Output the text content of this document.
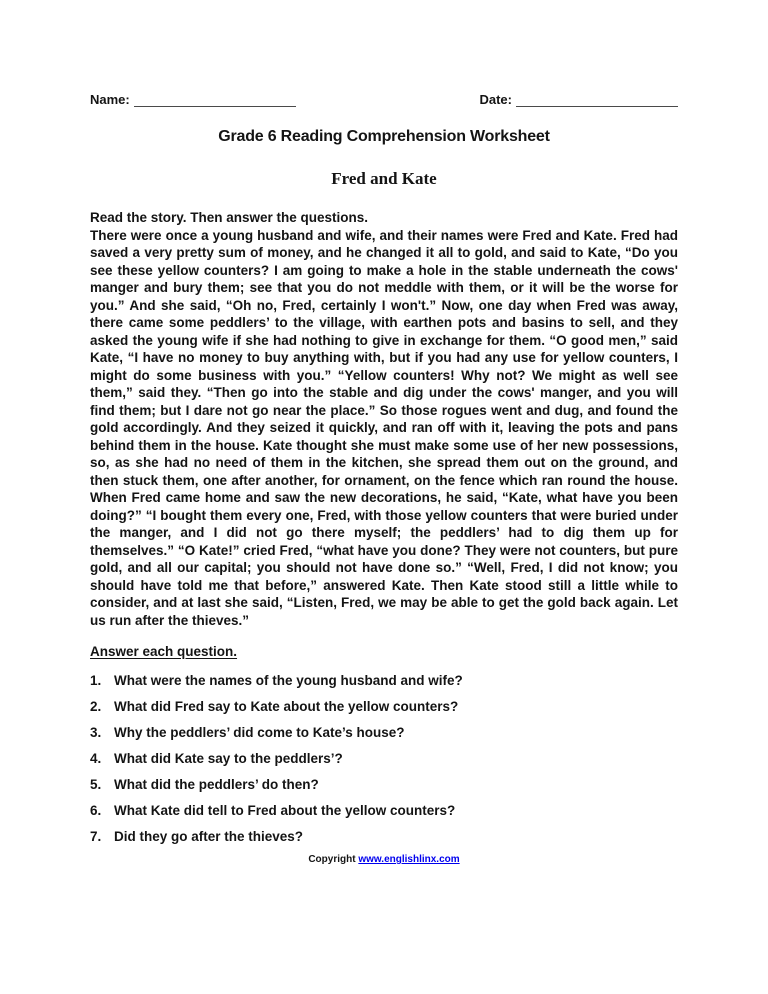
Name:	Date:
Grade 6 Reading Comprehension Worksheet
Fred and Kate
Read the story. Then answer the questions.
There were once a young husband and wife, and their names were Fred and Kate. Fred had saved a very pretty sum of money, and he changed it all to gold, and said to Kate, “Do you see these yellow counters? I am going to make a hole in the stable underneath the cows' manger and bury them; see that you do not meddle with them, or it will be the worse for you.” And she said, “Oh no, Fred, certainly I won't.” Now, one day when Fred was away, there came some peddlers’ to the village, with earthen pots and basins to sell, and they asked the young wife if she had nothing to give in exchange for them. “O good men,” said Kate, “I have no money to buy anything with, but if you had any use for yellow counters, I might do some business with you.” “Yellow counters! Why not? We might as well see them,” said they. “Then go into the stable and dig under the cows' manger, and you will find them; but I dare not go near the place.” So those rogues went and dug, and found the gold accordingly. And they seized it quickly, and ran off with it, leaving the pots and pans behind them in the house. Kate thought she must make some use of her new possessions, so, as she had no need of them in the kitchen, she spread them out on the ground, and then stuck them, one after another, for ornament, on the fence which ran round the house. When Fred came home and saw the new decorations, he said, “Kate, what have you been doing?” “I bought them every one, Fred, with those yellow counters that were buried under the manger, and I did not go there myself; the peddlers’ had to dig them up for themselves.” “O Kate!” cried Fred, “what have you done? They were not counters, but pure gold, and all our capital; you should not have done so.” “Well, Fred, I did not know; you should have told me that before,” answered Kate. Then Kate stood still a little while to consider, and at last she said, “Listen, Fred, we may be able to get the gold back again. Let us run after the thieves.”
Answer each question.
1. What were the names of the young husband and wife?
2. What did Fred say to Kate about the yellow counters?
3. Why the peddlers’ did come to Kate’s house?
4. What did Kate say to the peddlers’?
5. What did the peddlers’ do then?
6. What Kate did tell to Fred about the yellow counters?
7. Did they go after the thieves?
Copyright www.englishlinx.com
